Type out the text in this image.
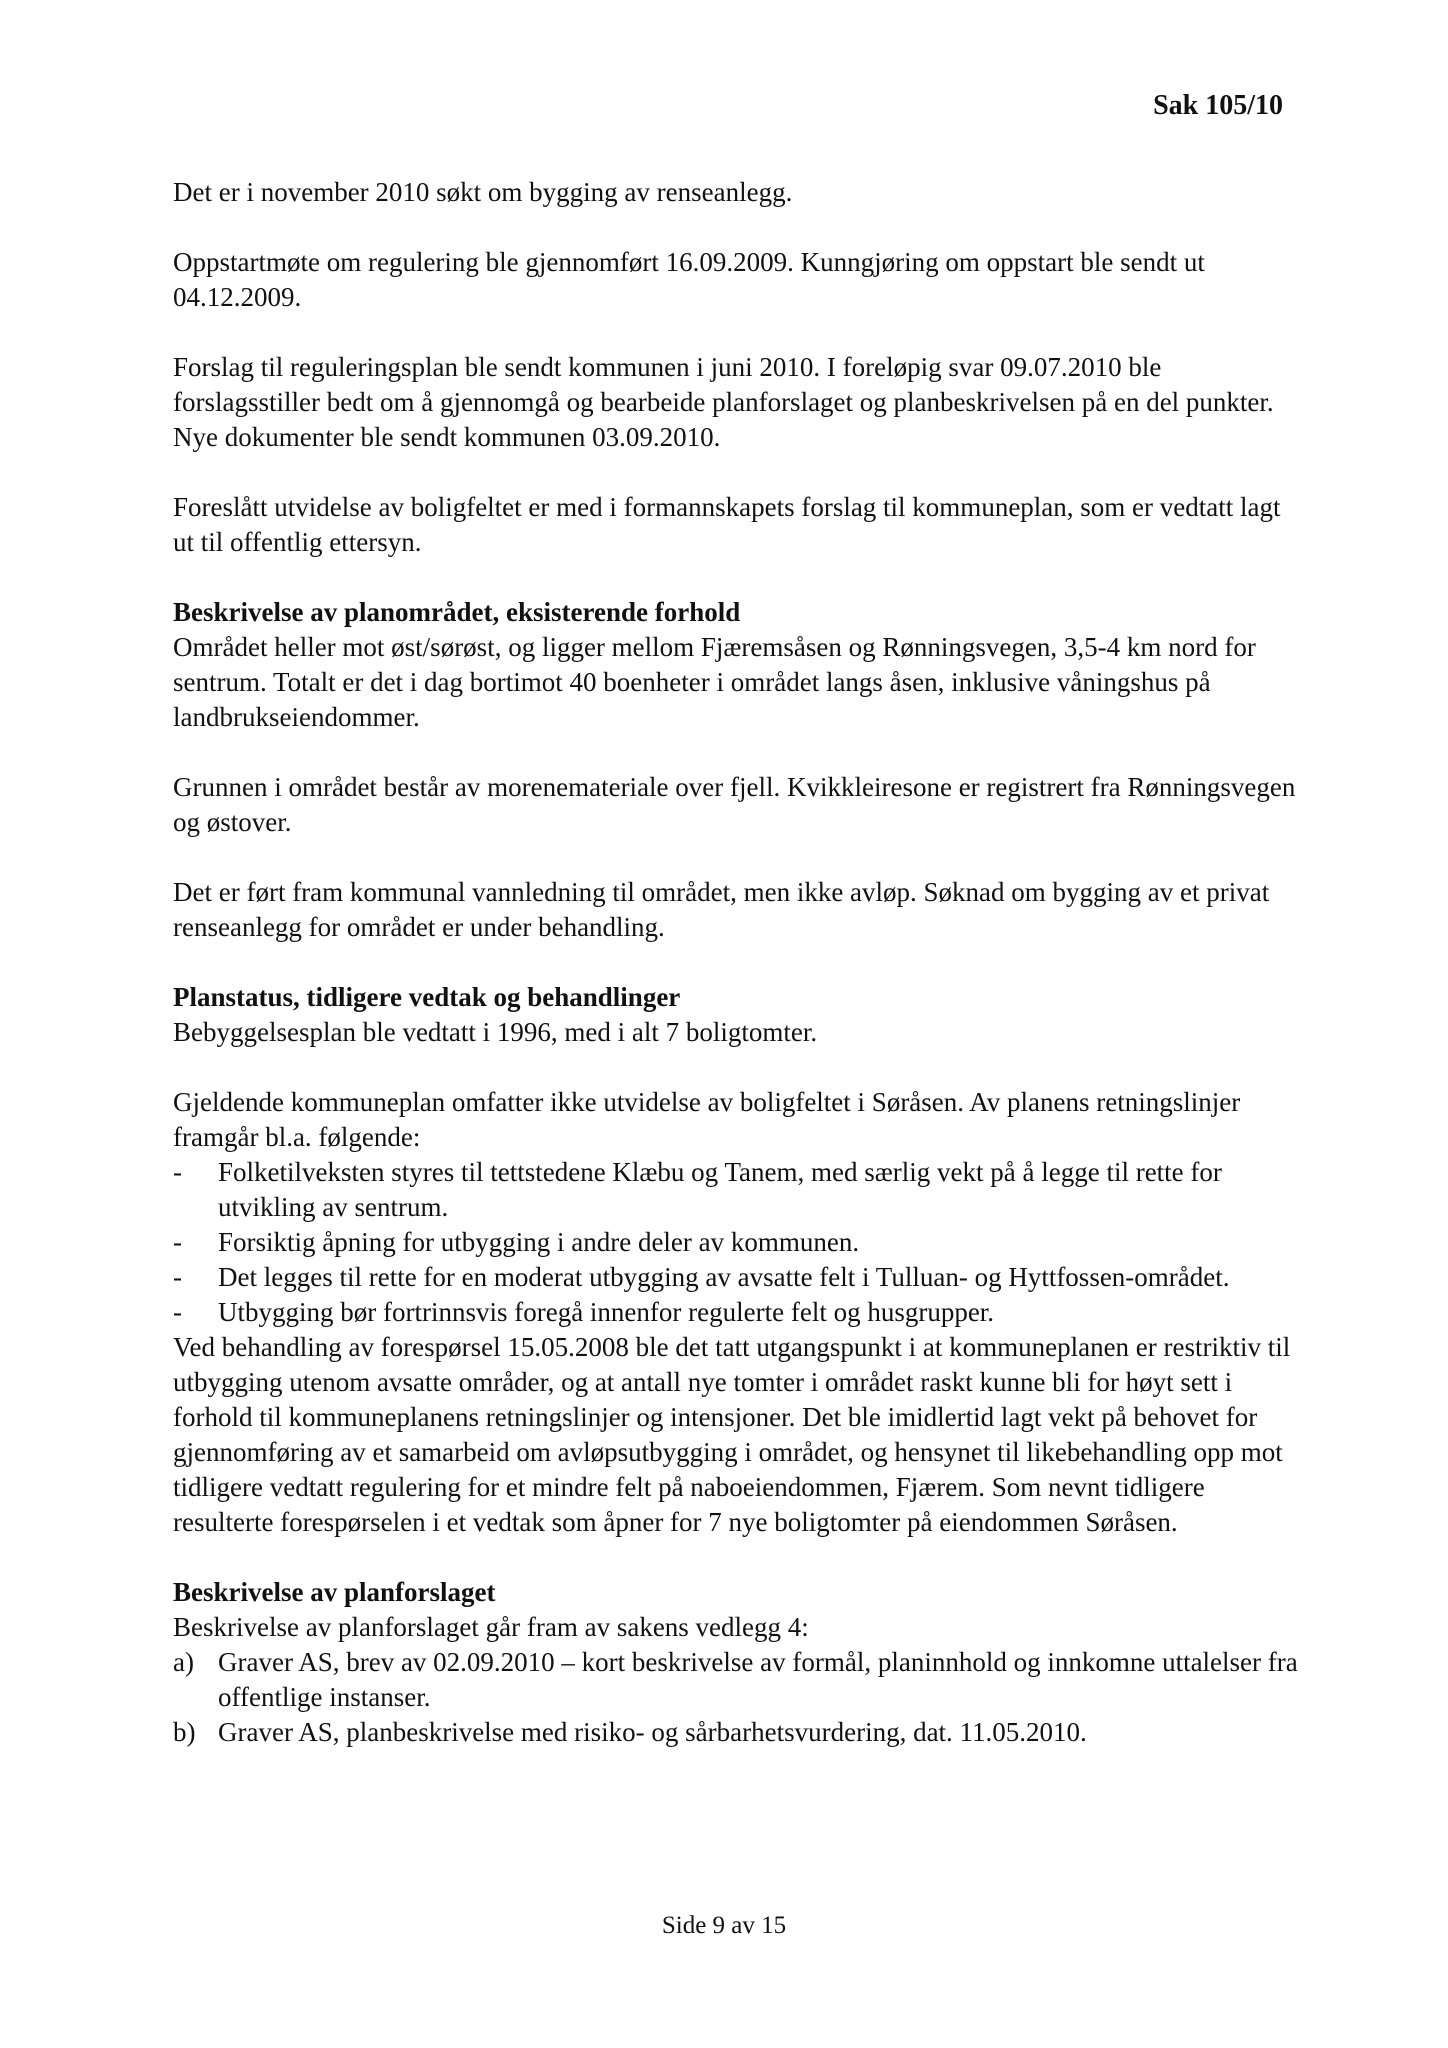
Sak 105/10

Det er i november 2010 søkt om bygging av renseanlegg.

Oppstartmøte om regulering ble gjennomført 16.09.2009. Kunngjøring om oppstart ble sendt ut 04.12.2009.

Forslag til reguleringsplan ble sendt kommunen i juni 2010. I foreløpig svar 09.07.2010 ble forslagsstiller bedt om å gjennomgå og bearbeide planforslaget og planbeskrivelsen på en del punkter. Nye dokumenter ble sendt kommunen 03.09.2010.

Foreslått utvidelse av boligfeltet er med i formannskapets forslag til kommuneplan, som er vedtatt lagt ut til offentlig ettersyn.

Beskrivelse av planområdet, eksisterende forhold

Området heller mot øst/sørøst, og ligger mellom Fjæremsåsen og Rønningsvegen, 3,5-4 km nord for sentrum. Totalt er det i dag bortimot 40 boenheter i området langs åsen, inklusive våningshus på landbrukseiendommer.

Grunnen i området består av morenemateriale over fjell. Kvikkleiresone er registrert fra Rønningsvegen og østover.

Det er ført fram kommunal vannledning til området, men ikke avløp. Søknad om bygging av et privat renseanlegg for området er under behandling.

Planstatus, tidligere vedtak og behandlinger

Bebyggelsesplan ble vedtatt i 1996, med i alt 7 boligtomter.

Gjeldende kommuneplan omfatter ikke utvidelse av boligfeltet i Søråsen. Av planens retningslinjer framgår bl.a. følgende:

- Folketilveksten styres til tettstedene Klæbu og Tanem, med særlig vekt på å legge til rette for utvikling av sentrum.
- Forsiktig åpning for utbygging i andre deler av kommunen.
- Det legges til rette for en moderat utbygging av avsatte felt i Tulluan- og Hyttfossen-området.
- Utbygging bør fortrinnsvis foregå innenfor regulerte felt og husgrupper.

Ved behandling av forespørsel 15.05.2008 ble det tatt utgangspunkt i at kommuneplanen er restriktiv til utbygging utenom avsatte områder, og at antall nye tomter i området raskt kunne bli for høyt sett i forhold til kommuneplanens retningslinjer og intensjoner. Det ble imidlertid lagt vekt på behovet for gjennomføring av et samarbeid om avløpsutbygging i området, og hensynet til likebehandling opp mot tidligere vedtatt regulering for et mindre felt på naboeiendommen, Fjærem. Som nevnt tidligere resulterte forespørselen i et vedtak som åpner for 7 nye boligtomter på eiendommen Søråsen.

Beskrivelse av planforslaget

Beskrivelse av planforslaget går fram av sakens vedlegg 4:

a) Graver AS, brev av 02.09.2010 – kort beskrivelse av formål, planinnhold og innkomne uttalelser fra offentlige instanser.
b) Graver AS, planbeskrivelse med risiko- og sårbarhetsvurdering, dat. 11.05.2010.
Side 9 av 15
